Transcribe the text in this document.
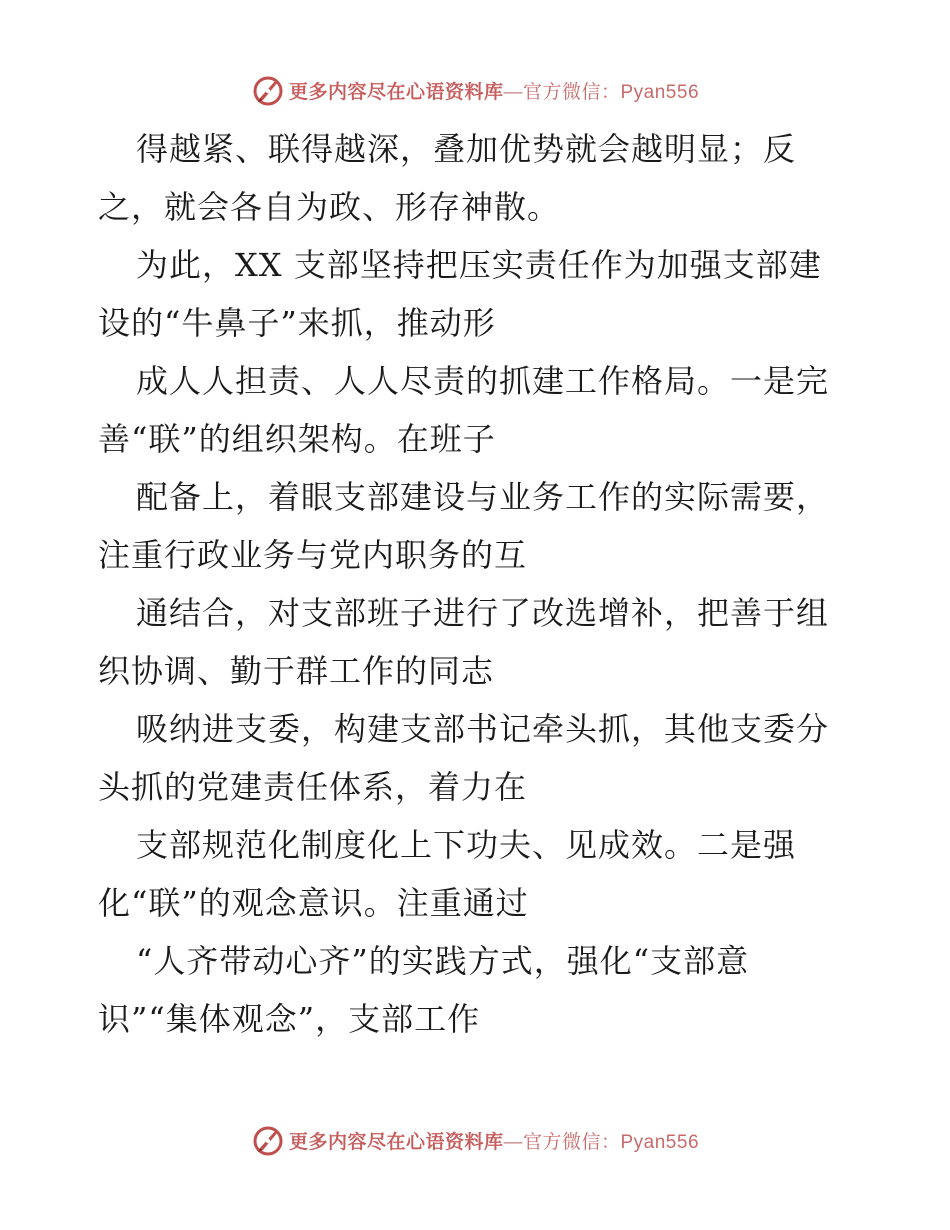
更多内容尽在心语资料库—官方微信：Pyan556
得越紧、联得越深，叠加优势就会越明显；反
之，就会各自为政、形存神散。
为此，XX 支部坚持把压实责任作为加强支部建
设的“牛鼻子”来抓，推动形
成人人担责、人人尽责的抓建工作格局。一是完
善“联”的组织架构。在班子
配备上，着眼支部建设与业务工作的实际需要，
注重行政业务与党内职务的互
通结合，对支部班子进行了改选增补，把善于组
织协调、勤于群工作的同志
吸纳进支委，构建支部书记牵头抓，其他支委分
头抓的党建责任体系，着力在
支部规范化制度化上下功夫、见成效。二是强
化“联”的观念意识。注重通过
“人齐带动心齐”的实践方式，强化“支部意
识”“集体观念”，支部工作
更多内容尽在心语资料库—官方微信：Pyan556
